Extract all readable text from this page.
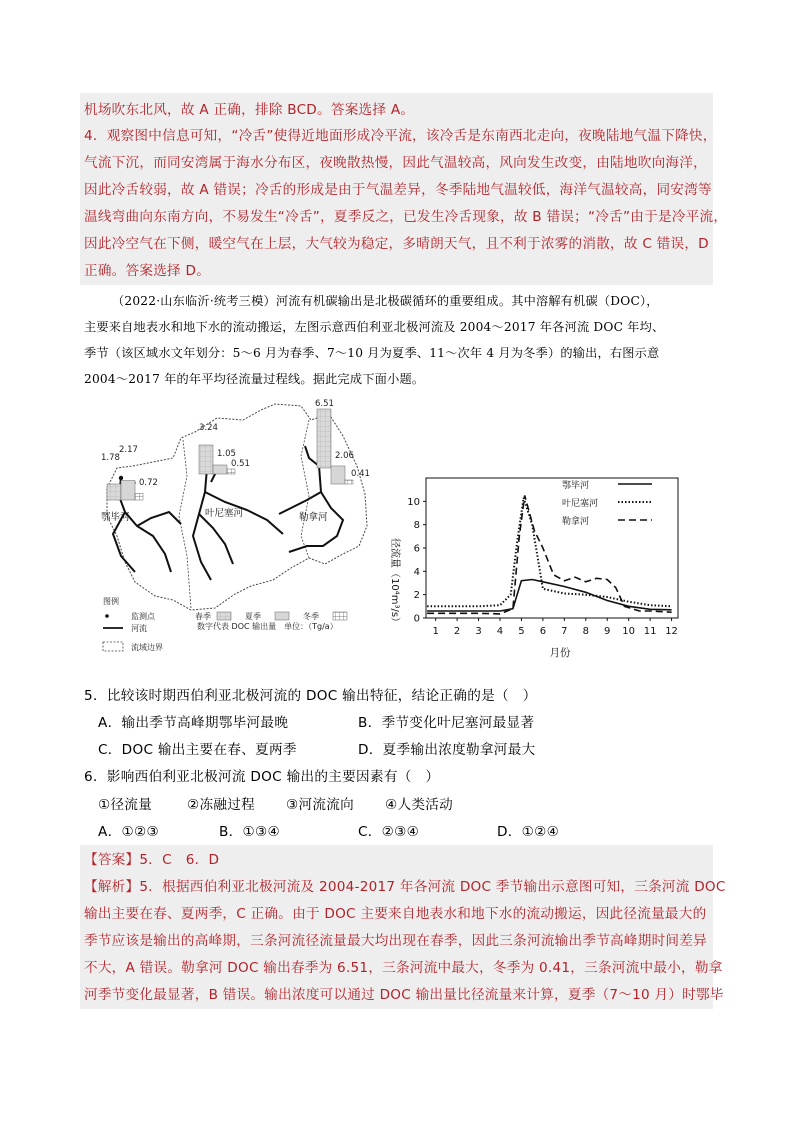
机场吹东北风，故 A 正确，排除 BCD。答案选择 A。
4．观察图中信息可知，“冷舌”使得近地面形成冷平流，该冷舌是东南西北走向，夜晚陆地气温下降快，
气流下沉，而同安湾属于海水分布区，夜晚散热慢，因此气温较高，风向发生改变，由陆地吹向海洋，
因此冷舌较弱，故 A 错误；冷舌的形成是由于气温差异，冬季陆地气温较低，海洋气温较高，同安湾等
温线弯曲向东南方向，不易发生“冷舌”，夏季反之，已发生冷舌现象，故 B 错误；“冷舌”由于是冷平流，
因此冷空气在下侧，暖空气在上层，大气较为稳定，多晴朗天气，且不利于浓雾的消散，故 C 错误，D
正确。答案选择 D。
（2022·山东临沂·统考三模）河流有机碳输出是北极碳循环的重要组成。其中溶解有机碳（DOC），
主要来自地表水和地下水的流动搬运，左图示意西伯利亚北极河流及 2004～2017 年各河流 DOC 年均、
季节（该区域水文年划分：5～6 月为春季、7～10 月为夏季、11～次年 4 月为冬季）的输出，右图示意
2004～2017 年的年平均径流量过程线。据此完成下面小题。
1.78
2.17
0.72
3.24
1.05
0.51
6.51
2.06
0.41
鄂毕河	叶尼塞河	勒拿河
图例
监测点
河流
春季	夏季	冬季
流域边界
数字代表 DOC 输出量　单位：（Tg/a）
0
2
4
6
8
10
1 2 3 4 5 6 7 8 9 10 11 12
鄂毕河
叶尼塞河
勒拿河
月份
径流量（10⁴m³/s）
5．比较该时期西伯利亚北极河流的 DOC 输出特征，结论正确的是（　）
A．输出季节高峰期鄂毕河最晚	B．季节变化叶尼塞河最显著
C．DOC 输出主要在春、夏两季	D．夏季输出浓度勒拿河最大
6．影响西伯利亚北极河流 DOC 输出的主要因素有（　）
①径流量	②冻融过程 ③河流流向 ④人类活动
A．①②③	B．①③④	C．②③④	D．①②④
【答案】5．C　6．D
【解析】5．根据西伯利亚北极河流及 2004-2017 年各河流 DOC 季节输出示意图可知，三条河流 DOC
输出主要在春、夏两季，C 正确。由于 DOC 主要来自地表水和地下水的流动搬运，因此径流量最大的
季节应该是输出的高峰期，三条河流径流量最大均出现在春季，因此三条河流输出季节高峰期时间差异
不大，A 错误。勒拿河 DOC 输出春季为 6.51，三条河流中最大，冬季为 0.41，三条河流中最小，勒拿
河季节变化最显著，B 错误。输出浓度可以通过 DOC 输出量比径流量来计算，夏季（7～10 月）时鄂毕
